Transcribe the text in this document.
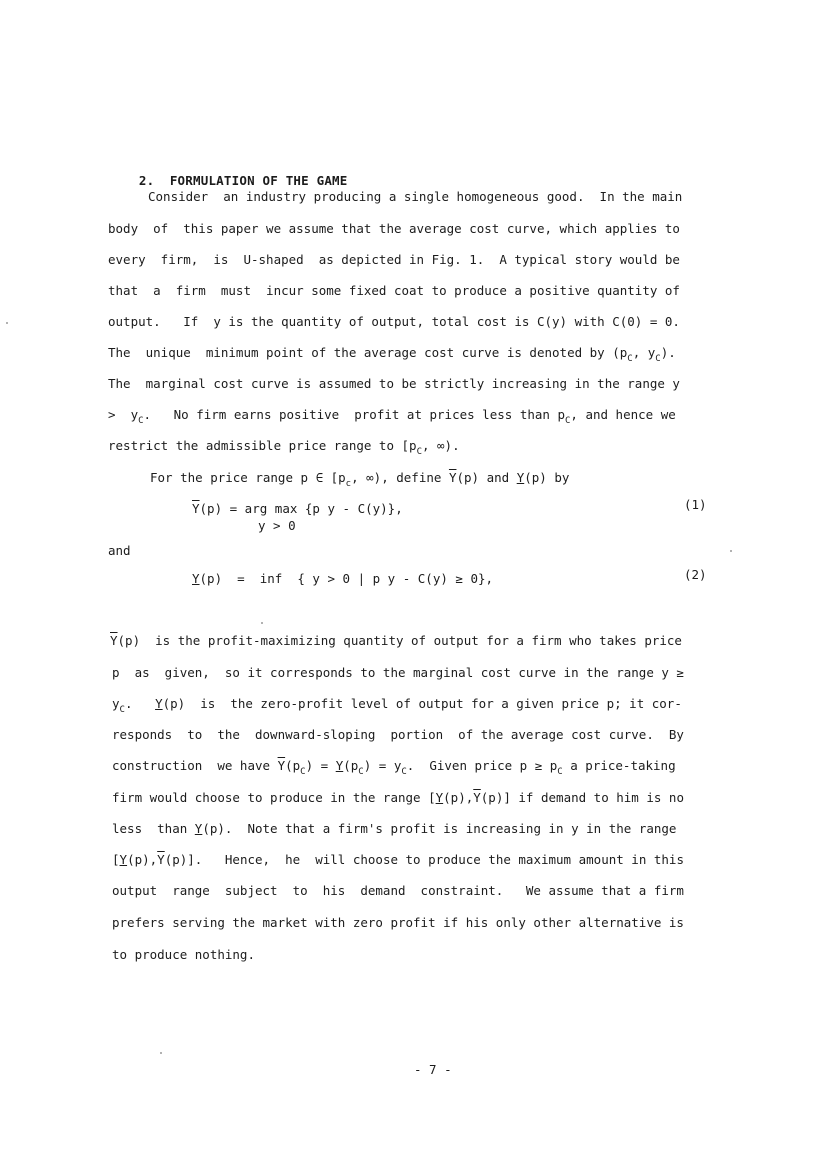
2. FORMULATION OF THE GAME

Consider  an industry producing a single homogeneous good.  In the main
body  of  this paper we assume that the average cost curve, which applies to
every  firm,  is  U-shaped  as depicted in Fig. 1.  A typical story would be
that  a  firm  must  incur some fixed coat to produce a positive quantity of
output.   If  y is the quantity of output, total cost is C(y) with C(0) = 0.
The  unique  minimum point of the average cost curve is denoted by ($p_C$, $y_C$).
The  marginal cost curve is assumed to be strictly increasing in the range y
>  $y_C$.   No firm earns positive  profit at prices less than $p_C$, and hence we
restrict the admissible price range to [$p_C$, ∞).
For the price range p ∈ [$p_c$, ∞), define $\overline{Y}(p)$ and Y(p) by
$\overline{Y}(p)$ = arg max {p y - C(y)},
y > 0
(1)
and
Y(p)  =  inf  { y > 0 | p y - C(y) ≥ 0},	(2)
$\overline{Y}(p)$  is the profit-maximizing quantity of output for a firm who takes price
p  as  given,  so it corresponds to the marginal cost curve in the range y ≥
$y_C$.   Y(p)  is  the zero-profit level of output for a given price p; it cor-
responds  to  the  downward-sloping  portion  of the average cost curve.  By
construction  we have $\overline{Y}(p_C) = Y(p_C) = y_C$.  Given price $p \ge p_C$ a price-taking
firm would choose to produce in the range $[Y(p),\overline{Y}(p)]$ if demand to him is no
less  than Y(p).  Note that a firm's profit is increasing in y in the range
$[Y(p),\overline{Y}(p)]$.   Hence,  he  will choose to produce the maximum amount in this
output  range  subject  to  his  demand  constraint.   We assume that a firm
prefers serving the market with zero profit if his only other alternative is
to produce nothing.
- 7 -
